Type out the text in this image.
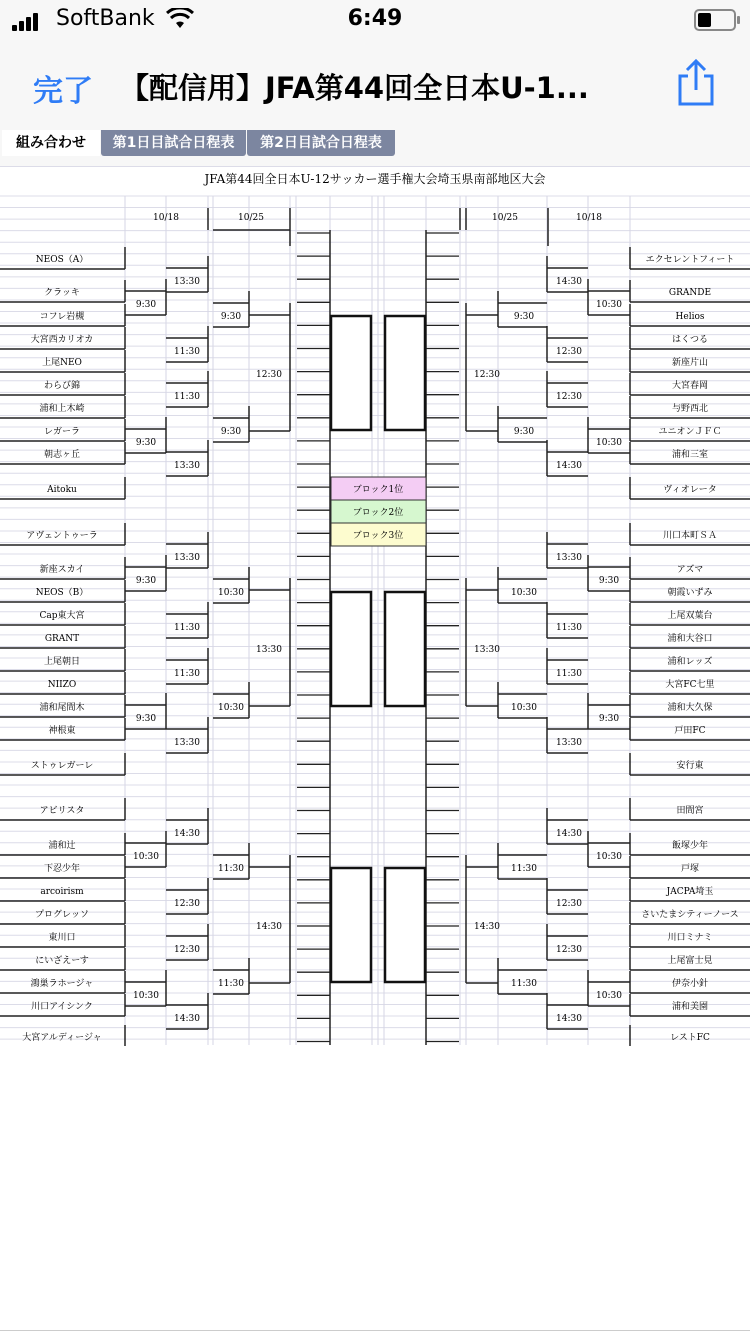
SoftBank	6:49
完了 【配信用】JFA第44回全日本U-1...
組み合わせ	第1日目試合日程表	第2日目試合日程表
JFA第44回全日本U-12サッカー選手権大会埼玉県南部地区大会
10/18	10/25	10/25	10/18
ブロック1位
ブロック2位
ブロック3位
NEOS（A）
クラッキ
コフレ岩槻
大宮西カリオカ
上尾NEO
わらび錦
浦和上木崎
レガーラ
朝志ヶ丘
Aitoku
アヴェントゥーラ
新座スカイ
NEOS（B）
Cap東大宮
GRANT
上尾朝日
NIIZO
浦和尾間木
神根東
ストゥレガーレ
アビリスタ
浦和辻
下忍少年
arcoirism
プログレッソ
東川口
にいざえーす
鴻巣ラホージャ
川口アイシンク
大宮アルディージャ
エクセレントフィート
GRANDE
Helios
はくつる
新座片山
大宮春岡
与野西北
ユニオンＪＦＣ
浦和三室
ヴィオレータ
川口本町ＳＡ
アズマ
朝霞いずみ
上尾双葉台
浦和大谷口
浦和レッズ
大宮FC七里
浦和大久保
戸田FC
安行東
田間宮
飯塚少年
戸塚
JACPA埼玉
さいたまシティーノース
川口ミナミ
上尾富士見
伊奈小針
浦和美園
レストFC
9:30
9:30
9:30
9:30
10:30
10:30
13:30
11:30
11:30
13:30
13:30
11:30
11:30
13:30
14:30
12:30
12:30
14:30
9:30
9:30
10:30
10:30
11:30
11:30
12:30
13:30
14:30
10:30
10:30
9:30
9:30
10:30
10:30
14:30
12:30
12:30
14:30
13:30
11:30
11:30
13:30
14:30
12:30
12:30
14:30
9:30
9:30
10:30
10:30
11:30
11:30
12:30
13:30
14:30
